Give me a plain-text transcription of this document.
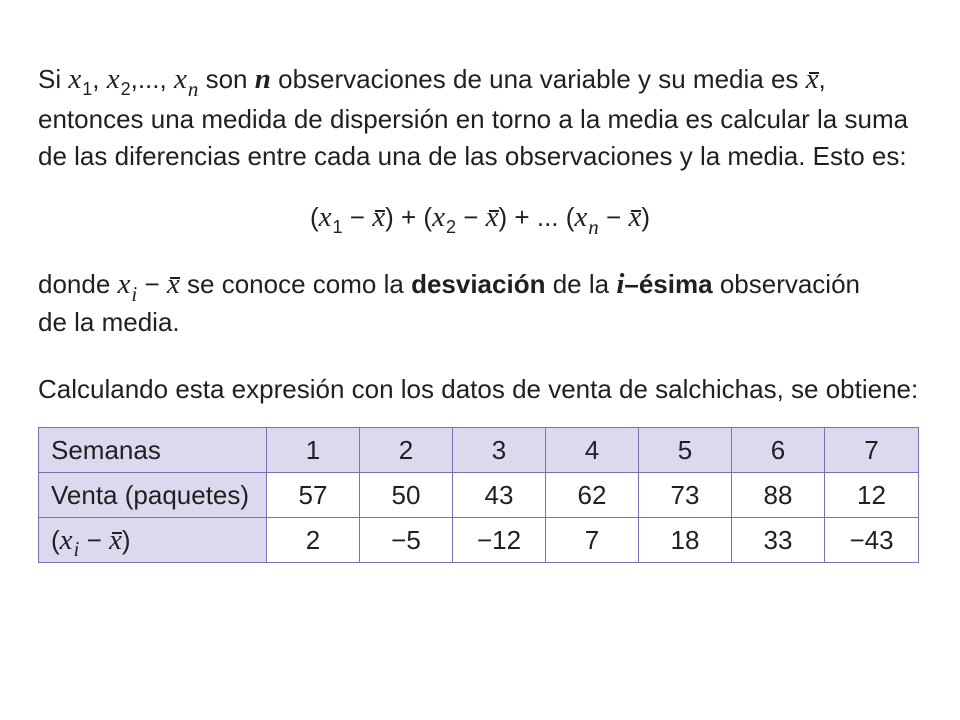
Si $x_1$, $x_2$,..., $x_n$ son n observaciones de una variable y su media es x,
entonces una medida de dispersión en torno a la media es calcular la suma
de las diferencias entre cada una de las observaciones y la media. Esto es:
$(x_1 - x) + (x_2 - x)$ + ... $(x_n - x)$
donde $x_i - x$ se conoce como la desviación de la i–ésima observación
de la media.
Calculando esta expresión con los datos de venta de salchichas, se obtiene:
Semanas	1	2	3	4	5	6	7
Venta (paquetes)	57	50	43	62	73	88	12
$(x_i - x)$	2	−5	−12	7	18	33	−43
